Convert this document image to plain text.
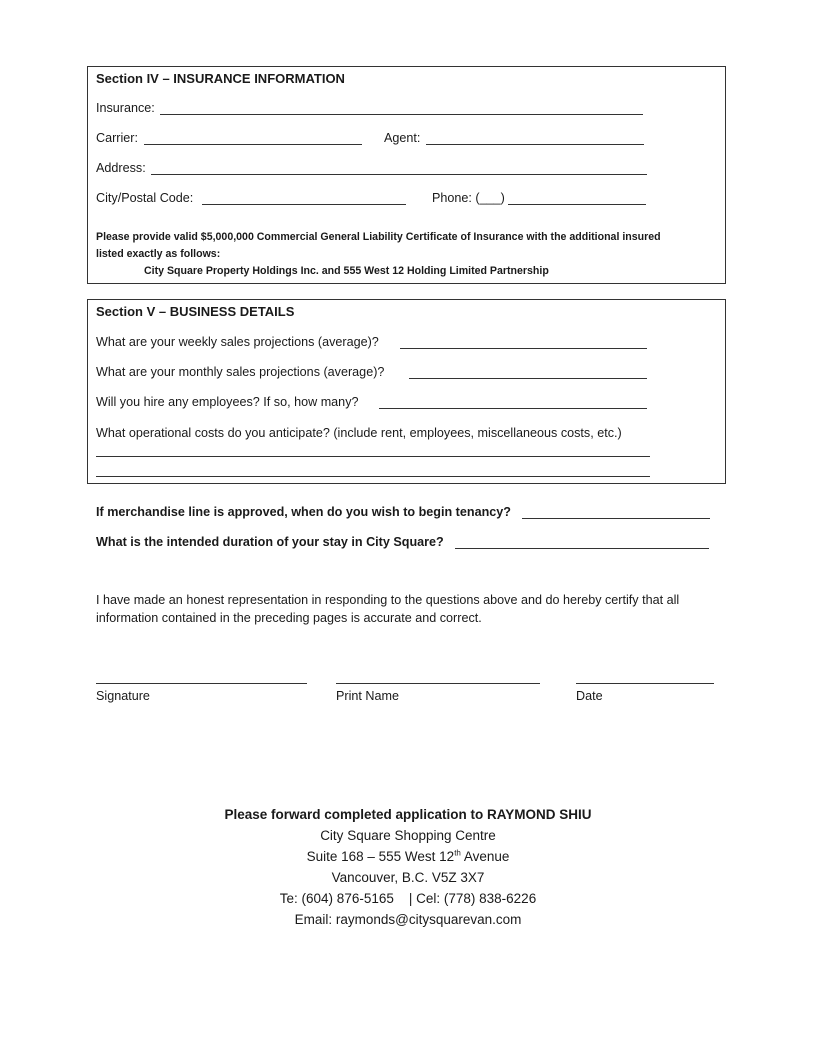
Section IV – INSURANCE INFORMATION
Insurance:
Carrier:	Agent:
Address:
City/Postal Code:	Phone: (___)
Please provide valid $5,000,000 Commercial General Liability Certificate of Insurance with the additional insured
listed exactly as follows:
City Square Property Holdings Inc. and 555 West 12 Holding Limited Partnership
Section V – BUSINESS DETAILS
What are your weekly sales projections (average)?
What are your monthly sales projections (average)?
Will you hire any employees? If so, how many?
What operational costs do you anticipate? (include rent, employees, miscellaneous costs, etc.)
If merchandise line is approved, when do you wish to begin tenancy?
What is the intended duration of your stay in City Square?
I have made an honest representation in responding to the questions above and do hereby certify that all
information contained in the preceding pages is accurate and correct.
Signature	Print Name	Date
Please forward completed application to RAYMOND SHIU
City Square Shopping Centre
Suite 168 – 555 West 12th Avenue
Vancouver, B.C. V5Z 3X7
Te: (604) 876-5165    | Cel: (778) 838-6226
Email: raymonds@citysquarevan.com
